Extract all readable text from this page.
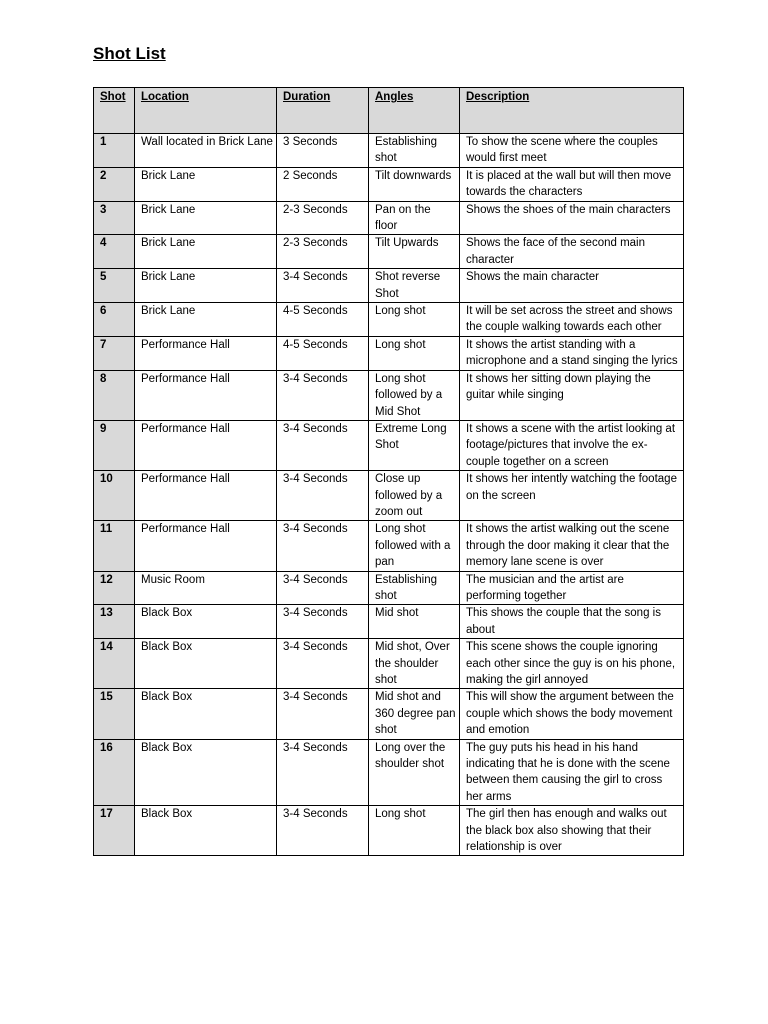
Shot List
Shot	Location	Duration	Angles	Description
1	Wall located in Brick Lane	3 Seconds	Establishing shot	To show the scene where the couples would first meet
2	Brick Lane	2 Seconds	Tilt downwards	It is placed at the wall but will then move towards the characters
3	Brick Lane	2-3 Seconds	Pan on the floor	Shows the shoes of the main characters
4	Brick Lane	2-3 Seconds	Tilt Upwards	Shows the face of the second main character
5	Brick Lane	3-4 Seconds	Shot reverse Shot	Shows the main character
6	Brick Lane	4-5 Seconds	Long shot	It will be set across the street and shows the couple walking towards each other
7	Performance Hall	4-5 Seconds	Long shot	It shows the artist standing with a microphone and a stand singing the lyrics
8	Performance Hall	3-4 Seconds	Long shot followed by a Mid Shot	It shows her sitting down playing the guitar while singing
9	Performance Hall	3-4 Seconds	Extreme Long Shot	It shows a scene with the artist looking at footage/pictures that involve the ex-couple together on a screen
10	Performance Hall	3-4 Seconds	Close up followed by a zoom out	It shows her intently watching the footage on the screen
11	Performance Hall	3-4 Seconds	Long shot followed with a pan	It shows the artist walking out the scene through the door making it clear that the memory lane scene is over
12	Music Room	3-4 Seconds	Establishing shot	The musician and the artist are performing together
13	Black Box	3-4 Seconds	Mid shot	This shows the couple that the song is about
14	Black Box	3-4 Seconds	Mid shot, Over the shoulder shot	This scene shows the couple ignoring each other since the guy is on his phone, making the girl annoyed
15	Black Box	3-4 Seconds	Mid shot and 360 degree pan shot	This will show the argument between the couple which shows the body movement and emotion
16	Black Box	3-4 Seconds	Long over the shoulder shot	The guy puts his head in his hand indicating that he is done with the scene between them causing the girl to cross her arms
17	Black Box	3-4 Seconds	Long shot	The girl then has enough and walks out the black box also showing that their relationship is over
